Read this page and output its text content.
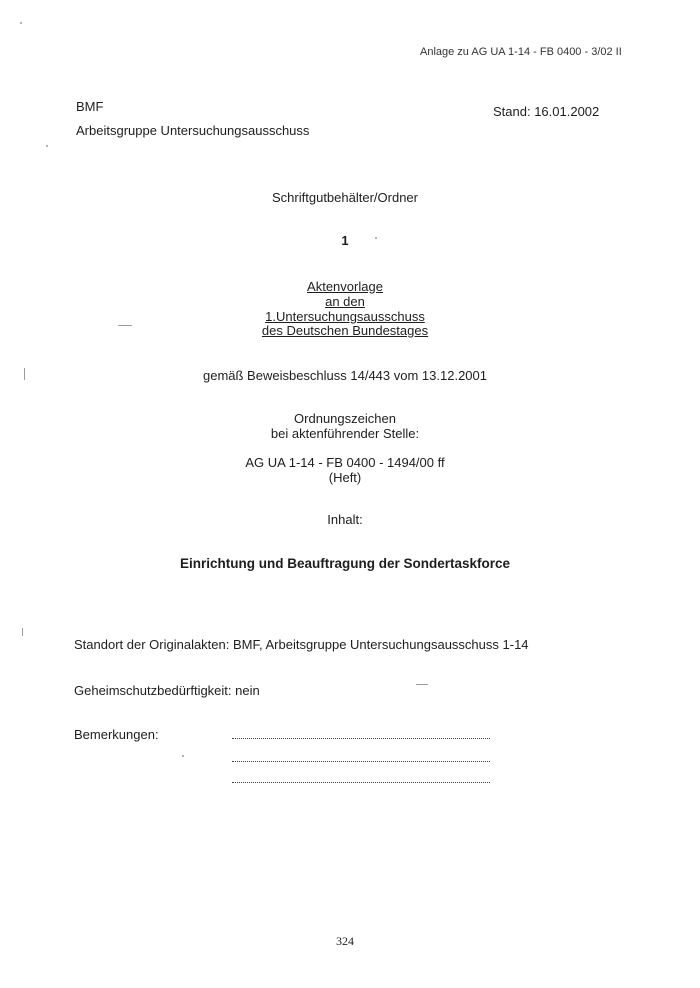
Anlage zu AG UA 1-14 - FB 0400 - 3/02 II
BMF
Arbeitsgruppe Untersuchungsausschuss
Stand: 16.01.2002
Schriftgutbehälter/Ordner
1
Aktenvorlage
an den
1.Untersuchungsausschuss
des Deutschen Bundestages
gemäß Beweisbeschluss 14/443 vom 13.12.2001
Ordnungszeichen
bei aktenführender Stelle:
AG UA 1-14 - FB 0400 - 1494/00 ff
(Heft)
Inhalt:
Einrichtung und Beauftragung der Sondertaskforce
Standort der Originalakten: BMF, Arbeitsgruppe Untersuchungsausschuss 1-14
Geheimschutzbedürftigkeit: nein
Bemerkungen:
324
